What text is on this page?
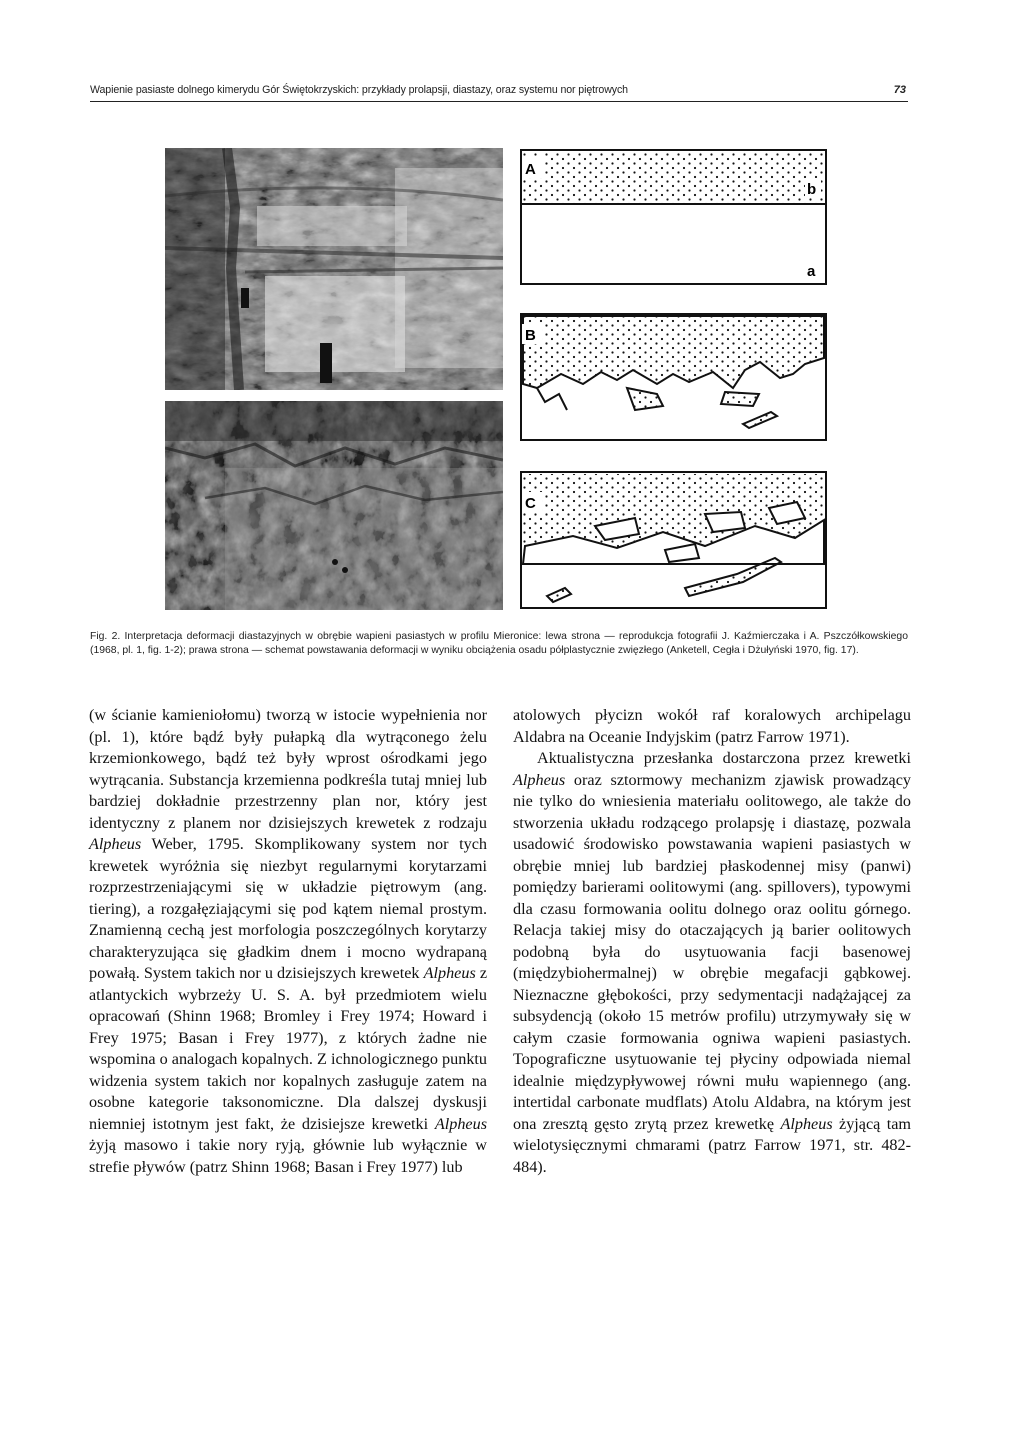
Wapienie pasiaste dolnego kimerydu Gór Świętokrzyskich: przykłady prolapsji, diastazy, oraz systemu nor piętrowych	73
A
b
a
B
C
Fig. 2. Interpretacja deformacji diastazyjnych w obrębie wapieni pasiastych w profilu Mieronice: lewa strona — reprodukcja fotografii J. Kaźmierczaka i A. Pszczółkowskiego (1968, pl. 1, fig. 1-2); prawa strona — schemat powstawania deformacji w wyniku obciążenia osadu półplastycznie zwięzłego (Anketell, Cegła i Dżułyński 1970, fig. 17).

(w ścianie kamieniołomu) tworzą w istocie wypełnienia nor (pl. 1), które bądź były pułapką dla wytrąconego żelu krzemionkowego, bądź też były wprost ośrodkami jego wytrącania. Substancja krzemienna podkreśla tutaj mniej lub bardziej dokładnie przestrzenny plan nor, który jest identyczny z planem nor dzisiejszych krewetek z rodzaju Alpheus Weber, 1795. Skomplikowany system nor tych krewetek wyróżnia się niezbyt regularnymi korytarzami rozprzestrzeniającymi się w układzie piętrowym (ang. tiering), a rozgałęziającymi się pod kątem niemal prostym. Znamienną cechą jest morfologia poszczególnych korytarzy charakteryzująca się gładkim dnem i mocno wydrapaną powałą. System takich nor u dzisiejszych krewetek Alpheus z atlantyckich wybrzeży U. S. A. był przedmiotem wielu opracowań (Shinn 1968; Bromley i Frey 1974; Howard i Frey 1975; Basan i Frey 1977), z których żadne nie wspomina o analogach kopalnych. Z ichnologicznego punktu widzenia system takich nor kopalnych zasługuje zatem na osobne kategorie taksonomiczne. Dla dalszej dyskusji niemniej istotnym jest fakt, że dzisiejsze krewetki Alpheus żyją masowo i takie nory ryją, głównie lub wyłącznie w strefie pływów (patrz Shinn 1968; Basan i Frey 1977) lub

atolowych płycizn wokół raf koralowych archipelagu Aldabra na Oceanie Indyjskim (patrz Farrow 1971).

Aktualistyczna przesłanka dostarczona przez krewetki Alpheus oraz sztormowy mechanizm zjawisk prowadzący nie tylko do wniesienia materiału oolitowego, ale także do stworzenia układu rodzącego prolapsję i diastazę, pozwala usadowić środowisko powstawania wapieni pasiastych w obrębie mniej lub bardziej płaskodennej misy (panwi) pomiędzy barierami oolitowymi (ang. spillovers), typowymi dla czasu formowania oolitu dolnego oraz oolitu górnego. Relacja takiej misy do otaczających ją barier oolitowych podobną była do usytuowania facji basenowej (międzybiohermalnej) w obrębie megafacji gąbkowej. Nieznaczne głębokości, przy sedymentacji nadążającej za subsydencją (około 15 metrów profilu) utrzymywały się w całym czasie formowania ogniwa wapieni pasiastych. Topograficzne usytuowanie tej płyciny odpowiada niemal idealnie międzypływowej równi mułu wapiennego (ang. intertidal carbonate mudflats) Atolu Aldabra, na którym jest ona zresztą gęsto zrytą przez krewetkę Alpheus żyjącą tam wielotysięcznymi chmarami (patrz Farrow 1971, str. 482-484).
